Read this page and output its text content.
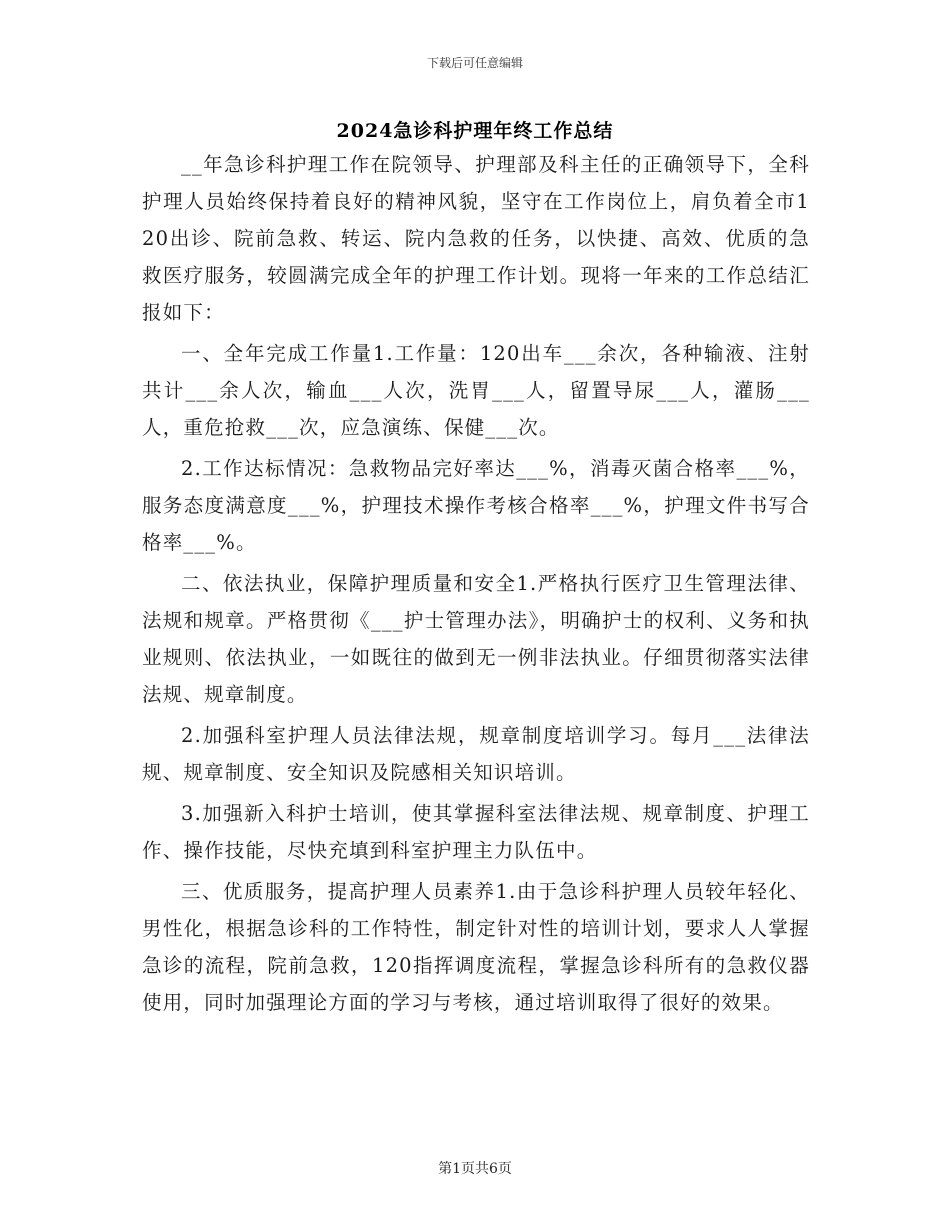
下载后可任意编辑
2024急诊科护理年终工作总结

__年急诊科护理工作在院领导、护理部及科主任的正确领导下，全科护理人员始终保持着良好的精神风貌，坚守在工作岗位上，肩负着全市120出诊、院前急救、转运、院内急救的任务，以快捷、高效、优质的急救医疗服务，较圆满完成全年的护理工作计划。现将一年来的工作总结汇报如下：

一、全年完成工作量1.工作量：120出车___余次，各种输液、注射共计___余人次，输血___人次，洗胃___人，留置导尿___人，灌肠___人，重危抢救___次，应急演练、保健___次。

2.工作达标情况：急救物品完好率达___%，消毒灭菌合格率___%，服务态度满意度___%，护理技术操作考核合格率___%，护理文件书写合格率___%。

二、依法执业，保障护理质量和安全1.严格执行医疗卫生管理法律、法规和规章。严格贯彻《___护士管理办法》，明确护士的权利、义务和执业规则、依法执业，一如既往的做到无一例非法执业。仔细贯彻落实法律法规、规章制度。

2.加强科室护理人员法律法规，规章制度培训学习。每月___法律法规、规章制度、安全知识及院感相关知识培训。

3.加强新入科护士培训，使其掌握科室法律法规、规章制度、护理工作、操作技能，尽快充填到科室护理主力队伍中。

三、优质服务，提高护理人员素养1.由于急诊科护理人员较年轻化、男性化，根据急诊科的工作特性，制定针对性的培训计划，要求人人掌握急诊的流程，院前急救，120指挥调度流程，掌握急诊科所有的急救仪器使用，同时加强理论方面的学习与考核，通过培训取得了很好的效果。

第1页共6页
